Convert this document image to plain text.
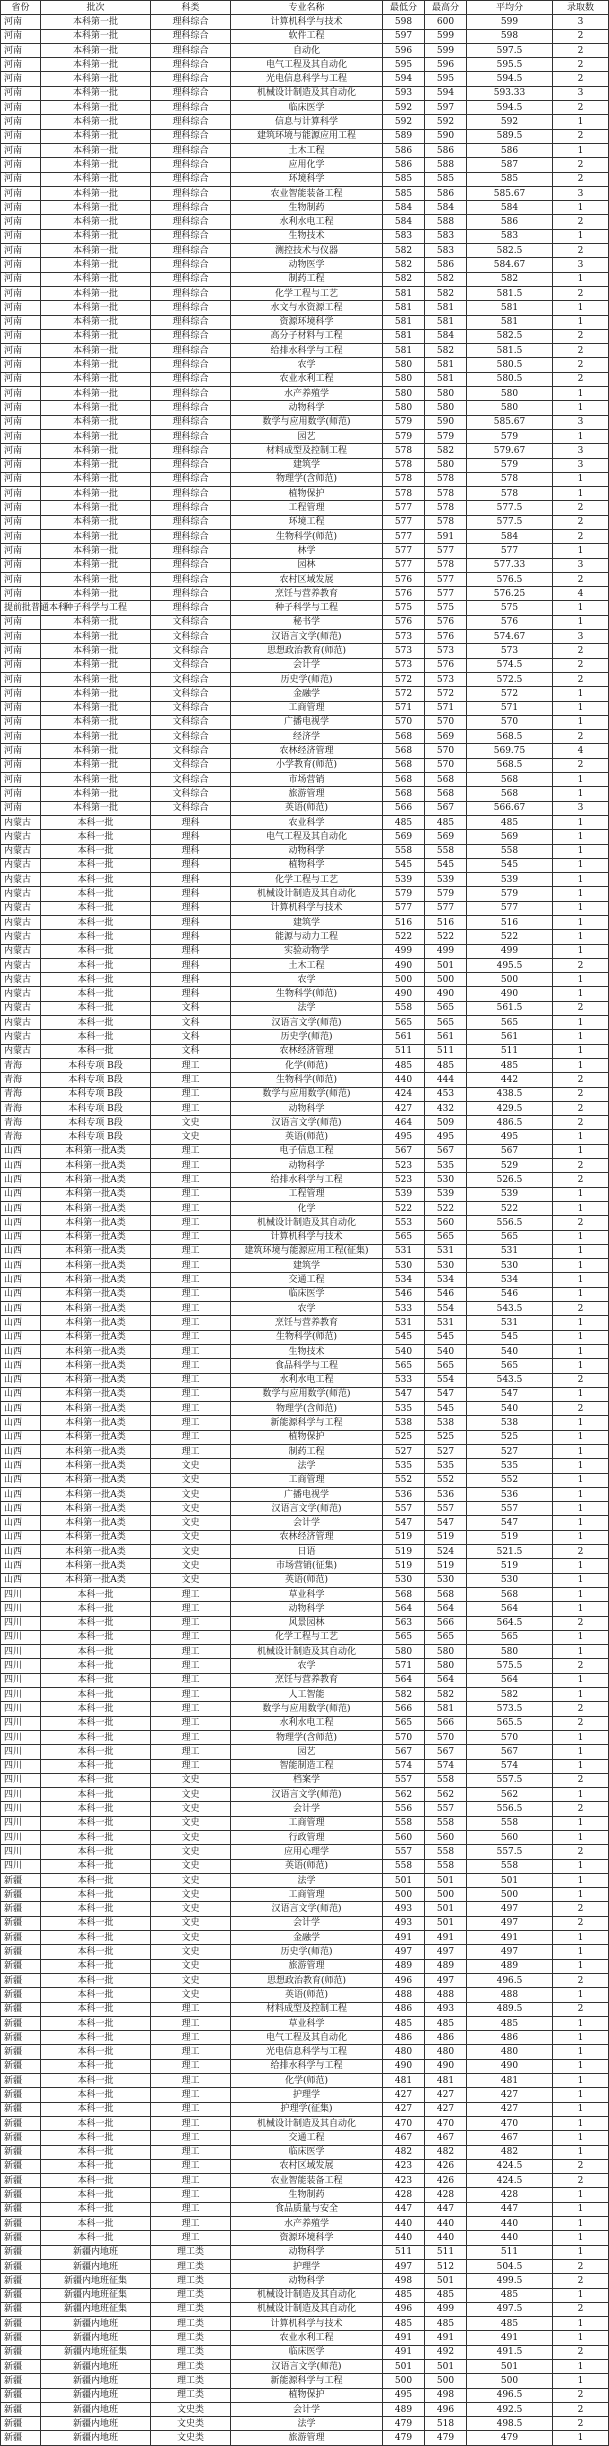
省份	批次	科类	专业名称	最低分	最高分	平均分	录取数
河南	本科第一批	理科综合	计算机科学与技术	598	600	599	3
河南	本科第一批	理科综合	软件工程	597	599	598	2
河南	本科第一批	理科综合	自动化	596	599	597.5	2
河南	本科第一批	理科综合	电气工程及其自动化	595	596	595.5	2
河南	本科第一批	理科综合	光电信息科学与工程	594	595	594.5	2
河南	本科第一批	理科综合	机械设计制造及其自动化	593	594	593.33	3
河南	本科第一批	理科综合	临床医学	592	597	594.5	2
河南	本科第一批	理科综合	信息与计算科学	592	592	592	1
河南	本科第一批	理科综合	建筑环境与能源应用工程	589	590	589.5	2
河南	本科第一批	理科综合	土木工程	586	586	586	1
河南	本科第一批	理科综合	应用化学	586	588	587	2
河南	本科第一批	理科综合	环境科学	585	585	585	2
河南	本科第一批	理科综合	农业智能装备工程	585	586	585.67	3
河南	本科第一批	理科综合	生物制药	584	584	584	1
河南	本科第一批	理科综合	水利水电工程	584	588	586	2
河南	本科第一批	理科综合	生物技术	583	583	583	1
河南	本科第一批	理科综合	测控技术与仪器	582	583	582.5	2
河南	本科第一批	理科综合	动物医学	582	586	584.67	3
河南	本科第一批	理科综合	制药工程	582	582	582	1
河南	本科第一批	理科综合	化学工程与工艺	581	582	581.5	2
河南	本科第一批	理科综合	水文与水资源工程	581	581	581	1
河南	本科第一批	理科综合	资源环境科学	581	581	581	1
河南	本科第一批	理科综合	高分子材料与工程	581	584	582.5	2
河南	本科第一批	理科综合	给排水科学与工程	581	582	581.5	2
河南	本科第一批	理科综合	农学	580	581	580.5	2
河南	本科第一批	理科综合	农业水利工程	580	581	580.5	2
河南	本科第一批	理科综合	水产养殖学	580	580	580	1
河南	本科第一批	理科综合	动物科学	580	580	580	1
河南	本科第一批	理科综合	数学与应用数学(师范)	579	590	585.67	3
河南	本科第一批	理科综合	园艺	579	579	579	1
河南	本科第一批	理科综合	材料成型及控制工程	578	582	579.67	3
河南	本科第一批	理科综合	建筑学	578	580	579	3
河南	本科第一批	理科综合	物理学(含师范)	578	578	578	1
河南	本科第一批	理科综合	植物保护	578	578	578	1
河南	本科第一批	理科综合	工程管理	577	578	577.5	2
河南	本科第一批	理科综合	环境工程	577	578	577.5	2
河南	本科第一批	理科综合	生物科学(师范)	577	591	584	2
河南	本科第一批	理科综合	林学	577	577	577	1
河南	本科第一批	理科综合	园林	577	578	577.33	3
河南	本科第一批	理科综合	农村区域发展	576	577	576.5	2
河南	本科第一批	理科综合	烹饪与营养教育	576	577	576.25	4
提前批普通本科	种子科学与工程	理科综合	种子科学与工程	575	575	575	1
河南	本科第一批	文科综合	秘书学	576	576	576	1
河南	本科第一批	文科综合	汉语言文学(师范)	573	576	574.67	3
河南	本科第一批	文科综合	思想政治教育(师范)	573	573	573	2
河南	本科第一批	文科综合	会计学	573	576	574.5	2
河南	本科第一批	文科综合	历史学(师范)	572	573	572.5	2
河南	本科第一批	文科综合	金融学	572	572	572	1
河南	本科第一批	文科综合	工商管理	571	571	571	1
河南	本科第一批	文科综合	广播电视学	570	570	570	1
河南	本科第一批	文科综合	经济学	568	569	568.5	2
河南	本科第一批	文科综合	农林经济管理	568	570	569.75	4
河南	本科第一批	文科综合	小学教育(师范)	568	570	568.5	2
河南	本科第一批	文科综合	市场营销	568	568	568	1
河南	本科第一批	文科综合	旅游管理	568	568	568	1
河南	本科第一批	文科综合	英语(师范)	566	567	566.67	3
内蒙古	本科一批	理科	农业科学	485	485	485	1
内蒙古	本科一批	理科	电气工程及其自动化	569	569	569	1
内蒙古	本科一批	理科	动物科学	558	558	558	1
内蒙古	本科一批	理科	植物科学	545	545	545	1
内蒙古	本科一批	理科	化学工程与工艺	539	539	539	1
内蒙古	本科一批	理科	机械设计制造及其自动化	579	579	579	1
内蒙古	本科一批	理科	计算机科学与技术	577	577	577	1
内蒙古	本科一批	理科	建筑学	516	516	516	1
内蒙古	本科一批	理科	能源与动力工程	522	522	522	1
内蒙古	本科一批	理科	实验动物学	499	499	499	1
内蒙古	本科一批	理科	土木工程	490	501	495.5	2
内蒙古	本科一批	理科	农学	500	500	500	1
内蒙古	本科一批	理科	生物科学(师范)	490	490	490	1
内蒙古	本科一批	文科	法学	558	565	561.5	2
内蒙古	本科一批	文科	汉语言文学(师范)	565	565	565	1
内蒙古	本科一批	文科	历史学(师范)	561	561	561	1
内蒙古	本科一批	文科	农林经济管理	511	511	511	1
青海	本科专项 B段	理工	化学(师范)	485	485	485	1
青海	本科专项 B段	理工	生物科学(师范)	440	444	442	2
青海	本科专项 B段	理工	数学与应用数学(师范)	424	453	438.5	2
青海	本科专项 B段	理工	动物科学	427	432	429.5	2
青海	本科专项 B段	文史	汉语言文学(师范)	464	509	486.5	2
青海	本科专项 B段	文史	英语(师范)	495	495	495	1
山西	本科第一批A类	理工	电子信息工程	567	567	567	1
山西	本科第一批A类	理工	动物科学	523	535	529	2
山西	本科第一批A类	理工	给排水科学与工程	523	530	526.5	2
山西	本科第一批A类	理工	工程管理	539	539	539	1
山西	本科第一批A类	理工	化学	522	522	522	1
山西	本科第一批A类	理工	机械设计制造及其自动化	553	560	556.5	2
山西	本科第一批A类	理工	计算机科学与技术	565	565	565	1
山西	本科第一批A类	理工	建筑环境与能源应用工程(征集)	531	531	531	1
山西	本科第一批A类	理工	建筑学	530	530	530	1
山西	本科第一批A类	理工	交通工程	534	534	534	1
山西	本科第一批A类	理工	临床医学	546	546	546	1
山西	本科第一批A类	理工	农学	533	554	543.5	2
山西	本科第一批A类	理工	烹饪与营养教育	531	531	531	1
山西	本科第一批A类	理工	生物科学(师范)	545	545	545	1
山西	本科第一批A类	理工	生物技术	540	540	540	1
山西	本科第一批A类	理工	食品科学与工程	565	565	565	1
山西	本科第一批A类	理工	水利水电工程	533	554	543.5	2
山西	本科第一批A类	理工	数学与应用数学(师范)	547	547	547	1
山西	本科第一批A类	理工	物理学(含师范)	535	545	540	2
山西	本科第一批A类	理工	新能源科学与工程	538	538	538	1
山西	本科第一批A类	理工	植物保护	525	525	525	1
山西	本科第一批A类	理工	制药工程	527	527	527	1
山西	本科第一批A类	文史	法学	535	535	535	1
山西	本科第一批A类	文史	工商管理	552	552	552	1
山西	本科第一批A类	文史	广播电视学	536	536	536	1
山西	本科第一批A类	文史	汉语言文学(师范)	557	557	557	1
山西	本科第一批A类	文史	会计学	547	547	547	1
山西	本科第一批A类	文史	农林经济管理	519	519	519	1
山西	本科第一批A类	文史	日语	519	524	521.5	2
山西	本科第一批A类	文史	市场营销(征集)	519	519	519	1
山西	本科第一批A类	文史	英语(师范)	530	530	530	1
四川	本科一批	理工	草业科学	568	568	568	1
四川	本科一批	理工	动物科学	564	564	564	1
四川	本科一批	理工	风景园林	563	566	564.5	2
四川	本科一批	理工	化学工程与工艺	565	565	565	1
四川	本科一批	理工	机械设计制造及其自动化	580	580	580	1
四川	本科一批	理工	农学	571	580	575.5	2
四川	本科一批	理工	烹饪与营养教育	564	564	564	1
四川	本科一批	理工	人工智能	582	582	582	1
四川	本科一批	理工	数学与应用数学(师范)	566	581	573.5	2
四川	本科一批	理工	水利水电工程	565	566	565.5	2
四川	本科一批	理工	物理学(含师范)	570	570	570	1
四川	本科一批	理工	园艺	567	567	567	1
四川	本科一批	理工	智能制造工程	574	574	574	1
四川	本科一批	文史	档案学	557	558	557.5	2
四川	本科一批	文史	汉语言文学(师范)	562	562	562	1
四川	本科一批	文史	会计学	556	557	556.5	2
四川	本科一批	文史	工商管理	558	558	558	1
四川	本科一批	文史	行政管理	560	560	560	1
四川	本科一批	文史	应用心理学	557	558	557.5	2
四川	本科一批	文史	英语(师范)	558	558	558	1
新疆	本科一批	文史	法学	501	501	501	1
新疆	本科一批	文史	工商管理	500	500	500	1
新疆	本科一批	文史	汉语言文学(师范)	493	501	497	2
新疆	本科一批	文史	会计学	493	501	497	2
新疆	本科一批	文史	金融学	491	491	491	1
新疆	本科一批	文史	历史学(师范)	497	497	497	1
新疆	本科一批	文史	旅游管理	489	489	489	1
新疆	本科一批	文史	思想政治教育(师范)	496	497	496.5	2
新疆	本科一批	文史	英语(师范)	488	488	488	1
新疆	本科一批	理工	材料成型及控制工程	486	493	489.5	2
新疆	本科一批	理工	草业科学	485	485	485	1
新疆	本科一批	理工	电气工程及其自动化	486	486	486	1
新疆	本科一批	理工	光电信息科学与工程	480	480	480	1
新疆	本科一批	理工	给排水科学与工程	490	490	490	1
新疆	本科一批	理工	化学(师范)	481	481	481	1
新疆	本科一批	理工	护理学	427	427	427	1
新疆	本科一批	理工	护理学(征集)	427	427	427	1
新疆	本科一批	理工	机械设计制造及其自动化	470	470	470	1
新疆	本科一批	理工	交通工程	467	467	467	1
新疆	本科一批	理工	临床医学	482	482	482	1
新疆	本科一批	理工	农村区域发展	423	426	424.5	2
新疆	本科一批	理工	农业智能装备工程	423	426	424.5	2
新疆	本科一批	理工	生物制药	428	428	428	1
新疆	本科一批	理工	食品质量与安全	447	447	447	1
新疆	本科一批	理工	水产养殖学	440	440	440	1
新疆	本科一批	理工	资源环境科学	440	440	440	1
新疆	新疆内地班	理工类	动物科学	511	511	511	1
新疆	新疆内地班	理工类	护理学	497	512	504.5	2
新疆	新疆内地班征集	理工类	动物科学	498	501	499.5	2
新疆	新疆内地班征集	理工类	机械设计制造及其自动化	485	485	485	1
新疆	新疆内地班征集	理工类	机械设计制造及其自动化	496	499	497.5	2
新疆	新疆内地班	理工类	计算机科学与技术	485	485	485	1
新疆	新疆内地班	理工类	农业水利工程	491	491	491	1
新疆	新疆内地班征集	理工类	临床医学	491	492	491.5	2
新疆	新疆内地班	理工类	汉语言文学(师范)	501	501	501	1
新疆	新疆内地班	理工类	新能源科学与工程	500	500	500	1
新疆	新疆内地班	理工类	植物保护	495	498	496.5	2
新疆	新疆内地班	文史类	会计学	489	496	492.5	2
新疆	新疆内地班	文史类	法学	479	518	498.5	2
新疆	新疆内地班	文史类	旅游管理	479	479	479	1
